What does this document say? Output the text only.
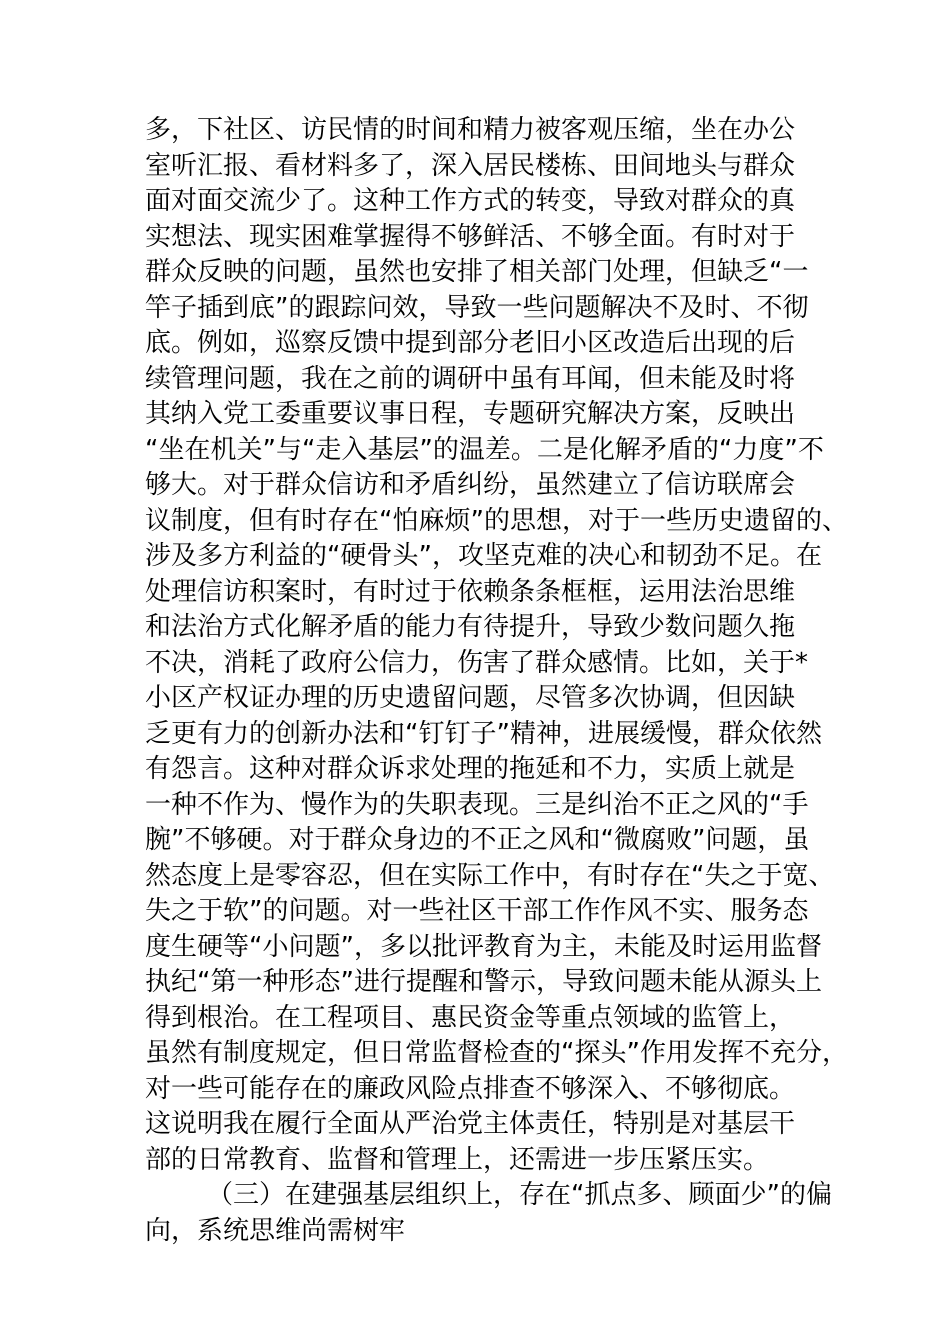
多，下社区、访民情的时间和精力被客观压缩，坐在办公
室听汇报、看材料多了，深入居民楼栋、田间地头与群众
面对面交流少了。这种工作方式的转变，导致对群众的真
实想法、现实困难掌握得不够鲜活、不够全面。有时对于
群众反映的问题，虽然也安排了相关部门处理，但缺乏“一
竿子插到底”的跟踪问效，导致一些问题解决不及时、不彻
底。例如，巡察反馈中提到部分老旧小区改造后出现的后
续管理问题，我在之前的调研中虽有耳闻，但未能及时将
其纳入党工委重要议事日程，专题研究解决方案，反映出
“坐在机关”与“走入基层”的温差。二是化解矛盾的“力度”不
够大。对于群众信访和矛盾纠纷，虽然建立了信访联席会
议制度，但有时存在“怕麻烦”的思想，对于一些历史遗留的、
涉及多方利益的“硬骨头”，攻坚克难的决心和韧劲不足。在
处理信访积案时，有时过于依赖条条框框，运用法治思维
和法治方式化解矛盾的能力有待提升，导致少数问题久拖
不决，消耗了政府公信力，伤害了群众感情。比如，关于*
小区产权证办理的历史遗留问题，尽管多次协调，但因缺
乏更有力的创新办法和“钉钉子”精神，进展缓慢，群众依然
有怨言。这种对群众诉求处理的拖延和不力，实质上就是
一种不作为、慢作为的失职表现。三是纠治不正之风的“手
腕”不够硬。对于群众身边的不正之风和“微腐败”问题，虽
然态度上是零容忍，但在实际工作中，有时存在“失之于宽、
失之于软”的问题。对一些社区干部工作作风不实、服务态
度生硬等“小问题”，多以批评教育为主，未能及时运用监督
执纪“第一种形态”进行提醒和警示，导致问题未能从源头上
得到根治。在工程项目、惠民资金等重点领域的监管上，
虽然有制度规定，但日常监督检查的“探头”作用发挥不充分，
对一些可能存在的廉政风险点排查不够深入、不够彻底。
这说明我在履行全面从严治党主体责任，特别是对基层干
部的日常教育、监督和管理上，还需进一步压紧压实。
（三）在建强基层组织上，存在“抓点多、顾面少”的偏
向，系统思维尚需树牢
